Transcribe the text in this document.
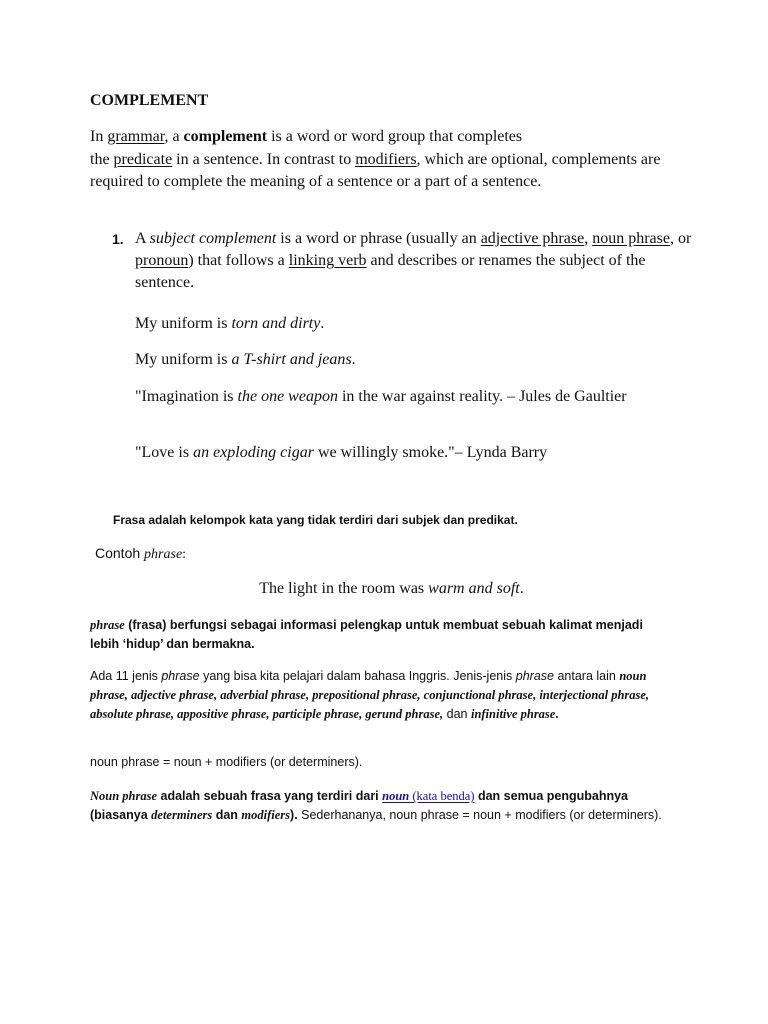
COMPLEMENT
In grammar, a complement is a word or word group that completes
the predicate in a sentence. In contrast to modifiers, which are optional, complements are required to complete the meaning of a sentence or a part of a sentence.
1. A subject complement is a word or phrase (usually an adjective phrase, noun phrase, or pronoun) that follows a linking verb and describes or renames the subject of the sentence.
My uniform is torn and dirty.
My uniform is a T-shirt and jeans.
"Imagination is the one weapon in the war against reality. – Jules de Gaultier
"Love is an exploding cigar we willingly smoke."– Lynda Barry
Frasa adalah kelompok kata yang tidak terdiri dari subjek dan predikat.
Contoh phrase:
The light in the room was warm and soft.
phrase (frasa) berfungsi sebagai informasi pelengkap untuk membuat sebuah kalimat menjadi lebih ‘hidup’ dan bermakna.
Ada 11 jenis phrase yang bisa kita pelajari dalam bahasa Inggris. Jenis-jenis phrase antara lain noun phrase, adjective phrase, adverbial phrase, prepositional phrase, conjunctional phrase, interjectional phrase, absolute phrase, appositive phrase, participle phrase, gerund phrase, dan infinitive phrase.
noun phrase = noun + modifiers (or determiners).
Noun phrase adalah sebuah frasa yang terdiri dari noun (kata benda) dan semua pengubahnya (biasanya determiners dan modifiers). Sederhananya, noun phrase = noun + modifiers (or determiners).
